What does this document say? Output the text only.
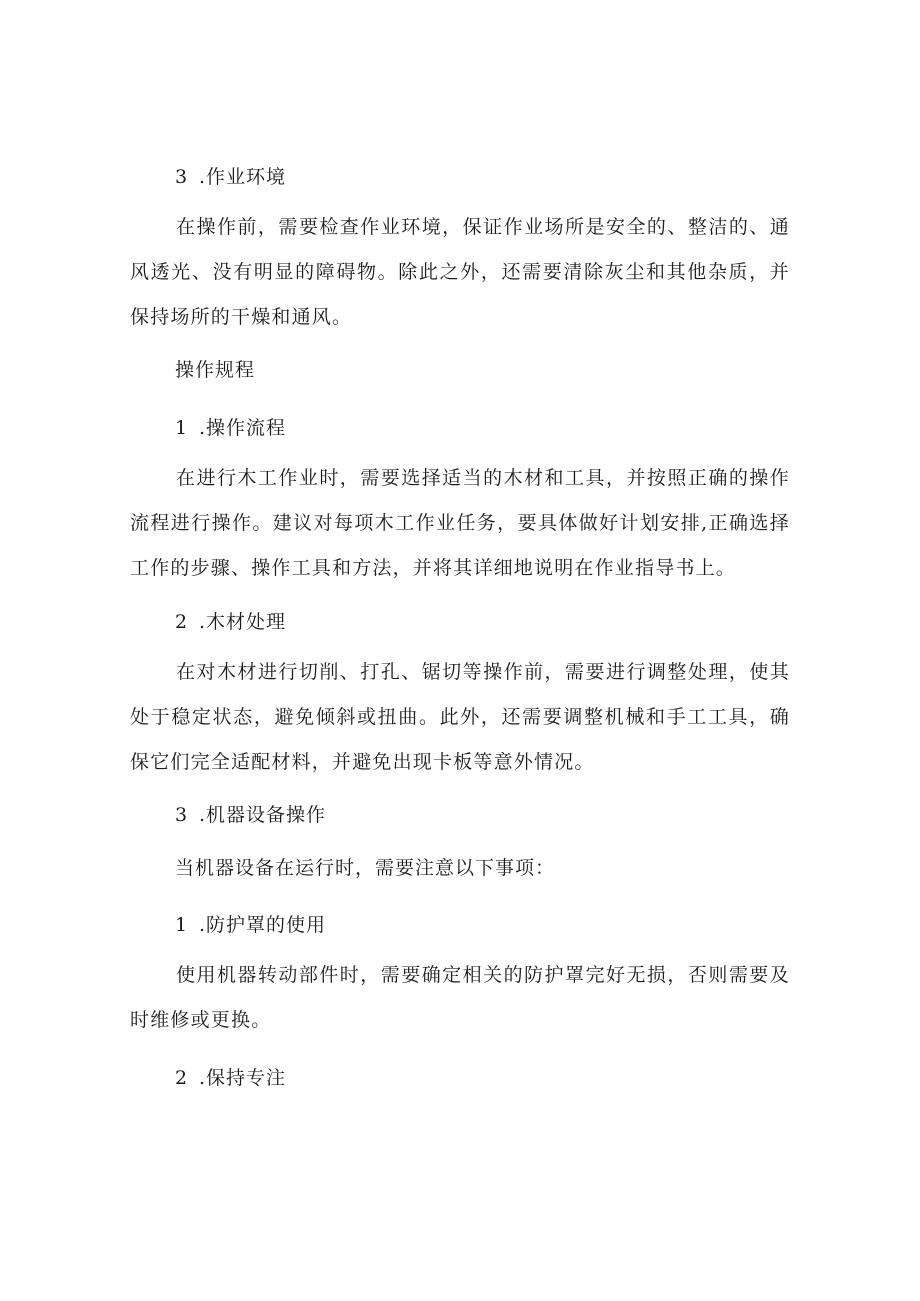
3 .作业环境
在操作前，需要检查作业环境，保证作业场所是安全的、整洁的、通风透光、没有明显的障碍物。除此之外，还需要清除灰尘和其他杂质，并保持场所的干燥和通风。
操作规程
1 .操作流程
在进行木工作业时，需要选择适当的木材和工具，并按照正确的操作流程进行操作。建议对每项木工作业任务，要具体做好计划安排,正确选择工作的步骤、操作工具和方法，并将其详细地说明在作业指导书上。
2 .木材处理
在对木材进行切削、打孔、锯切等操作前，需要进行调整处理，使其处于稳定状态，避免倾斜或扭曲。此外，还需要调整机械和手工工具，确保它们完全适配材料，并避免出现卡板等意外情况。
3 .机器设备操作
当机器设备在运行时，需要注意以下事项：
1 .防护罩的使用
使用机器转动部件时，需要确定相关的防护罩完好无损，否则需要及时维修或更换。
2 .保持专注
